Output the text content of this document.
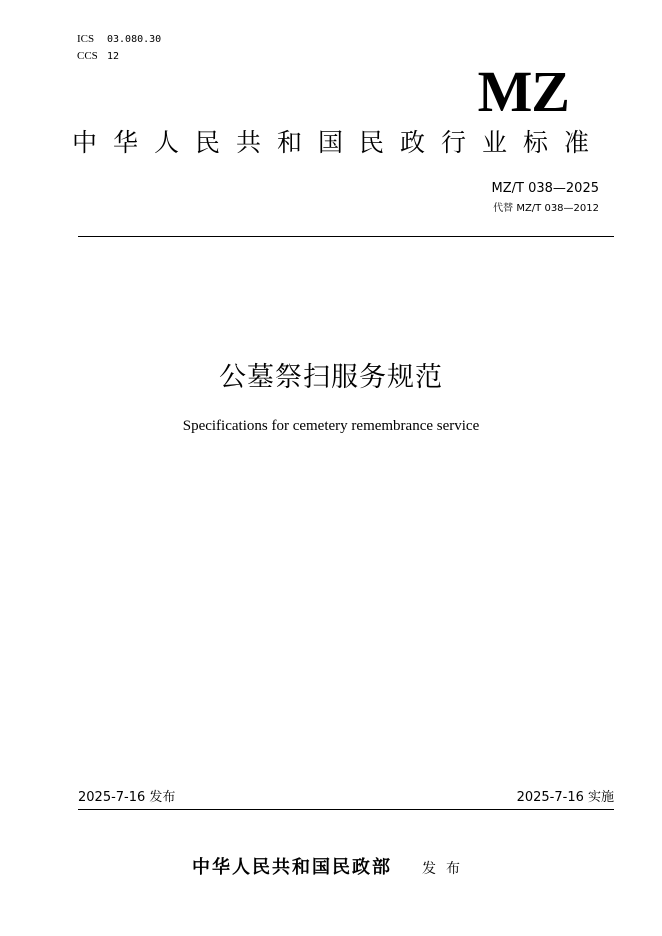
ICS	03.080.30
CCS 12
MZ
中华人民共和国民政行业标准
MZ/T 038—2025
代替 MZ/T 038—2012
公墓祭扫服务规范
Specifications for cemetery remembrance service
2025-7-16 发布	2025-7-16 实施
中华人民共和国民政部 发布
